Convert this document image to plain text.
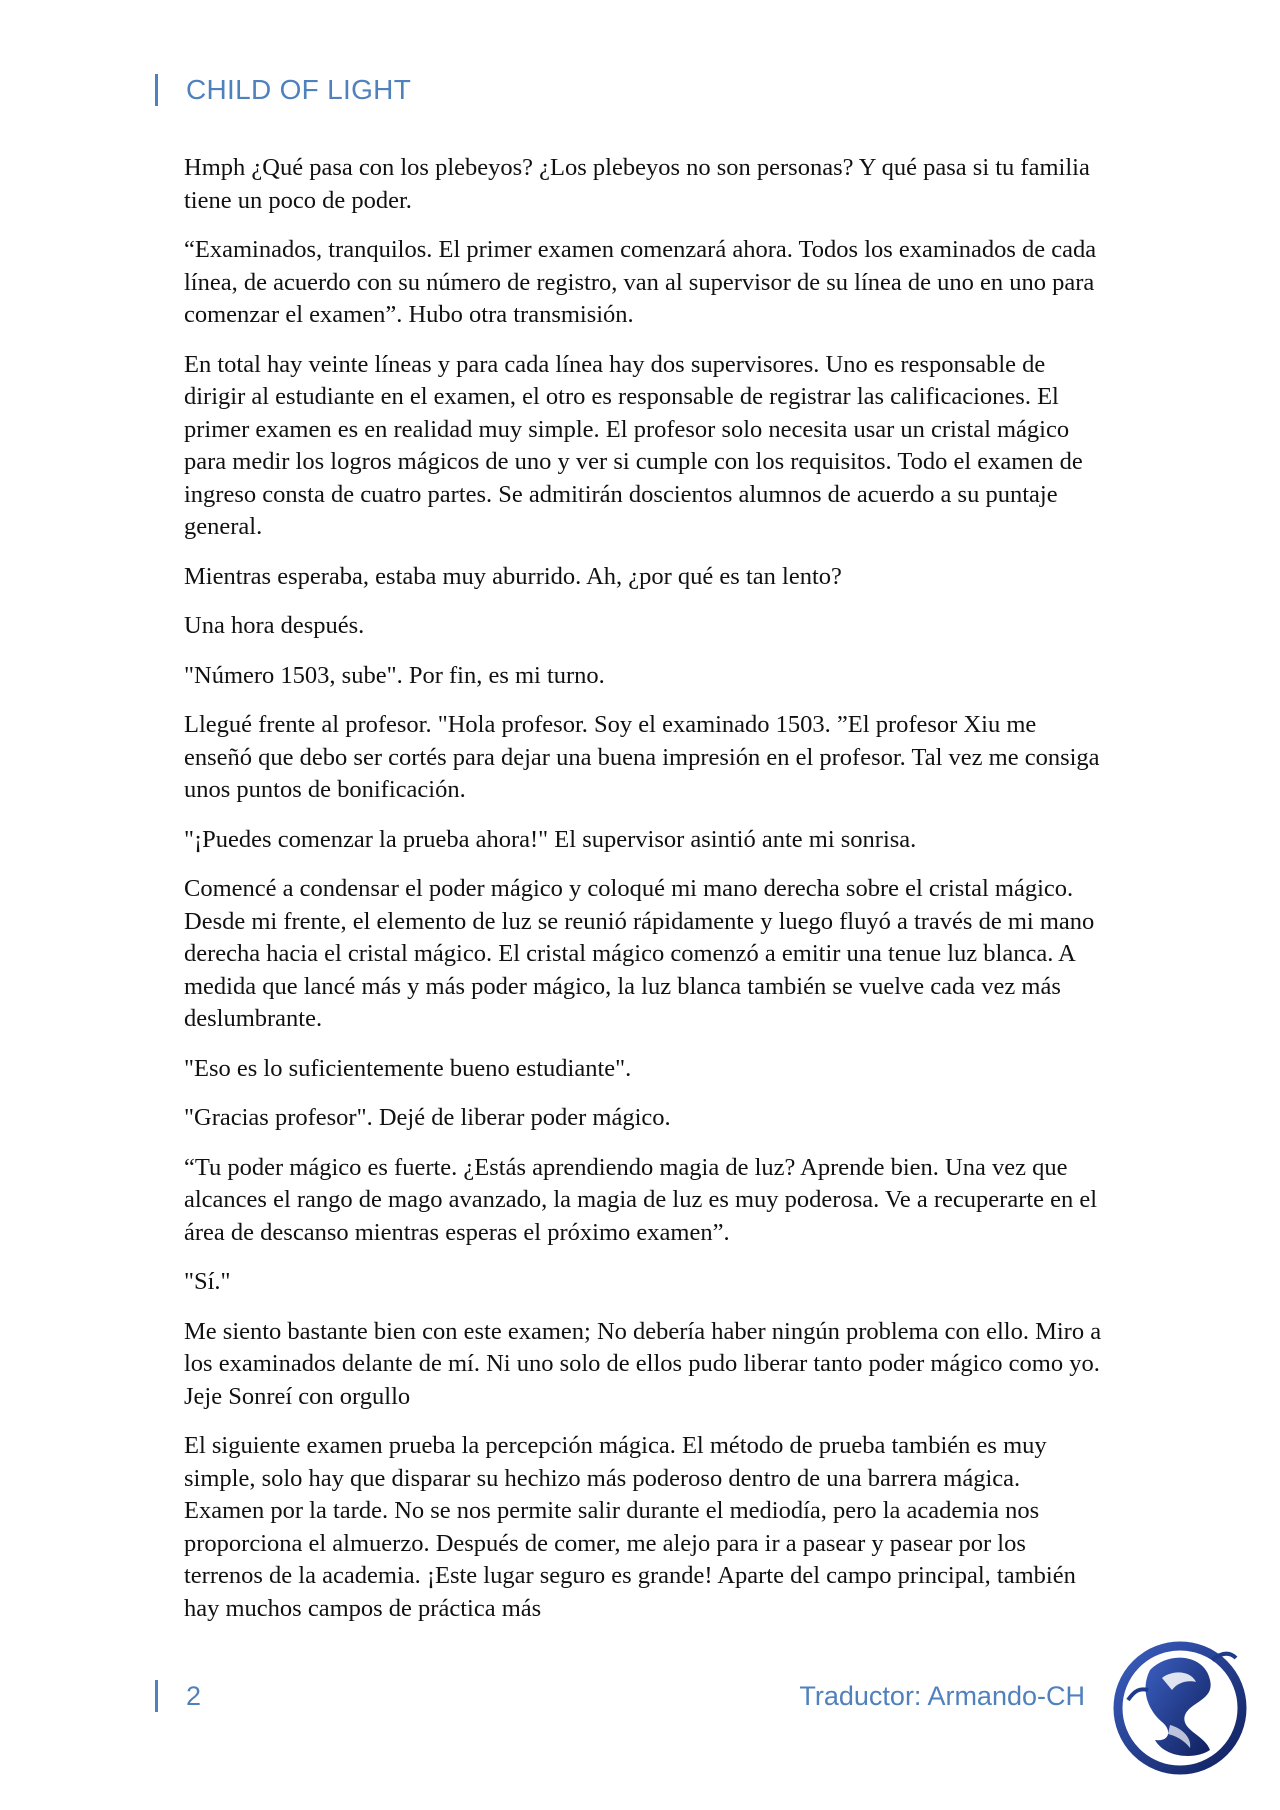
CHILD OF LIGHT

Hmph ¿Qué pasa con los plebeyos? ¿Los plebeyos no son personas? Y qué pasa si tu familia tiene un poco de poder.

“Examinados, tranquilos. El primer examen comenzará ahora. Todos los examinados de cada línea, de acuerdo con su número de registro, van al supervisor de su línea de uno en uno para comenzar el examen”. Hubo otra transmisión.

En total hay veinte líneas y para cada línea hay dos supervisores. Uno es responsable de dirigir al estudiante en el examen, el otro es responsable de registrar las calificaciones. El primer examen es en realidad muy simple. El profesor solo necesita usar un cristal mágico para medir los logros mágicos de uno y ver si cumple con los requisitos. Todo el examen de ingreso consta de cuatro partes. Se admitirán doscientos alumnos de acuerdo a su puntaje general.

Mientras esperaba, estaba muy aburrido. Ah, ¿por qué es tan lento?

Una hora después.

"Número 1503, sube". Por fin, es mi turno.

Llegué frente al profesor. "Hola profesor. Soy el examinado 1503. ”El profesor Xiu me enseñó que debo ser cortés para dejar una buena impresión en el profesor. Tal vez me consiga unos puntos de bonificación.

"¡Puedes comenzar la prueba ahora!" El supervisor asintió ante mi sonrisa.

Comencé a condensar el poder mágico y coloqué mi mano derecha sobre el cristal mágico. Desde mi frente, el elemento de luz se reunió rápidamente y luego fluyó a través de mi mano derecha hacia el cristal mágico. El cristal mágico comenzó a emitir una tenue luz blanca. A medida que lancé más y más poder mágico, la luz blanca también se vuelve cada vez más deslumbrante.

"Eso es lo suficientemente bueno estudiante".

"Gracias profesor". Dejé de liberar poder mágico.

“Tu poder mágico es fuerte. ¿Estás aprendiendo magia de luz? Aprende bien. Una vez que alcances el rango de mago avanzado, la magia de luz es muy poderosa. Ve a recuperarte en el área de descanso mientras esperas el próximo examen”.

"Sí."

Me siento bastante bien con este examen; No debería haber ningún problema con ello. Miro a los examinados delante de mí. Ni uno solo de ellos pudo liberar tanto poder mágico como yo. Jeje Sonreí con orgullo

El siguiente examen prueba la percepción mágica. El método de prueba también es muy simple, solo hay que disparar su hechizo más poderoso dentro de una barrera mágica. Examen por la tarde. No se nos permite salir durante el mediodía, pero la academia nos proporciona el almuerzo. Después de comer, me alejo para ir a pasear y pasear por los terrenos de la academia. ¡Este lugar seguro es grande! Aparte del campo principal, también hay muchos campos de práctica más

2	Traductor: Armando-CH
